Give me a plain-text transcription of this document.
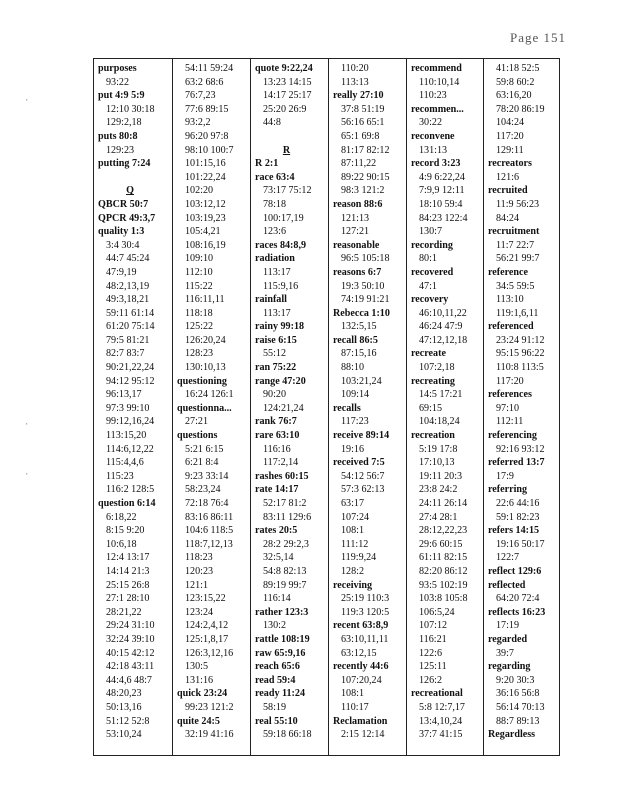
Page 151
·
·
·
purposes
93:22
put 4:9 5:9
12:10 30:18
129:2,18
puts 80:8
129:23
putting 7:24

Q
QBCR 50:7
QPCR 49:3,7
quality 1:3
3:4 30:4
44:7 45:24
47:9,19
48:2,13,19
49:3,18,21
59:11 61:14
61:20 75:14
79:5 81:21
82:7 83:7
90:21,22,24
94:12 95:12
96:13,17
97:3 99:10
99:12,16,24
113:15,20
114:6,12,22
115:4,4,6
115:23
116:2 128:5
question 6:14
6:18,22
8:15 9:20
10:6,18
12:4 13:17
14:14 21:3
25:15 26:8
27:1 28:10
28:21,22
29:24 31:10
32:24 39:10
40:15 42:12
42:18 43:11
44:4,6 48:7
48:20,23
50:13,16
51:12 52:8
53:10,24
54:11 59:24
63:2 68:6
76:7,23
77:6 89:15
93:2,2
96:20 97:8
98:10 100:7
101:15,16
101:22,24
102:20
103:12,12
103:19,23
105:4,21
108:16,19
109:10
112:10
115:22
116:11,11
118:18
125:22
126:20,24
128:23
130:10,13
questioning
16:24 126:1
questionna...
27:21
questions
5:21 6:15
6:21 8:4
9:23 33:14
58:23,24
72:18 76:4
83:16 86:11
104:6 118:5
118:7,12,13
118:23
120:23
121:1
123:15,22
123:24
124:2,4,12
125:1,8,17
126:3,12,16
130:5
131:16
quick 23:24
99:23 121:2
quite 24:5
32:19 41:16
quote 9:22,24
13:23 14:15
14:17 25:17
25:20 26:9
44:8

R
R 2:1
race 63:4
73:17 75:12
78:18
100:17,19
123:6
races 84:8,9
radiation
113:17
115:9,16
rainfall
113:17
rainy 99:18
raise 6:15
55:12
ran 75:22
range 47:20
90:20
124:21,24
rank 76:7
rare 63:10
116:16
117:2,14
rashes 60:15
rate 14:17
52:17 81:2
83:11 129:6
rates 20:5
28:2 29:2,3
32:5,14
54:8 82:13
89:19 99:7
116:14
rather 123:3
130:2
rattle 108:19
raw 65:9,16
reach 65:6
read 59:4
ready 11:24
58:19
real 55:10
59:18 66:18
110:20
113:13
really 27:10
37:8 51:19
56:16 65:1
65:1 69:8
81:17 82:12
87:11,22
89:22 90:15
98:3 121:2
reason 88:6
121:13
127:21
reasonable
96:5 105:18
reasons 6:7
19:3 50:10
74:19 91:21
Rebecca 1:10
132:5,15
recall 86:5
87:15,16
88:10
103:21,24
109:14
recalls
117:23
receive 89:14
19:16
received 7:5
54:12 56:7
57:3 62:13
63:17
107:24
108:1
111:12
119:9,24
128:2
receiving
25:19 110:3
119:3 120:5
recent 63:8,9
63:10,11,11
63:12,15
recently 44:6
107:20,24
108:1
110:17
Reclamation
2:15 12:14
recommend
110:10,14
110:23
recommen...
30:22
reconvene
131:13
record 3:23
4:9 6:22,24
7:9,9 12:11
18:10 59:4
84:23 122:4
130:7
recording
80:1
recovered
47:1
recovery
46:10,11,22
46:24 47:9
47:12,12,18
recreate
107:2,18
recreating
14:5 17:21
69:15
104:18,24
recreation
5:19 17:8
17:10,13
19:11 20:3
23:8 24:2
24:11 26:14
27:4 28:1
28:12,22,23
29:6 60:15
61:11 82:15
82:20 86:12
93:5 102:19
103:8 105:8
106:5,24
107:12
116:21
122:6
125:11
126:2
recreational
5:8 12:7,17
13:4,10,24
37:7 41:15
41:18 52:5
59:8 60:2
63:16,20
78:20 86:19
104:24
117:20
129:11
recreators
121:6
recruited
11:9 56:23
84:24
recruitment
11:7 22:7
56:21 99:7
reference
34:5 59:5
113:10
119:1,6,11
referenced
23:24 91:12
95:15 96:22
110:8 113:5
117:20
references
97:10
112:11
referencing
92:16 93:12
referred 13:7
17:9
referring
22:6 44:16
59:1 82:23
refers 14:15
19:16 50:17
122:7
reflect 129:6
reflected
64:20 72:4
reflects 16:23
17:19
regarded
39:7
regarding
9:20 30:3
36:16 56:8
56:14 70:13
88:7 89:13
Regardless
